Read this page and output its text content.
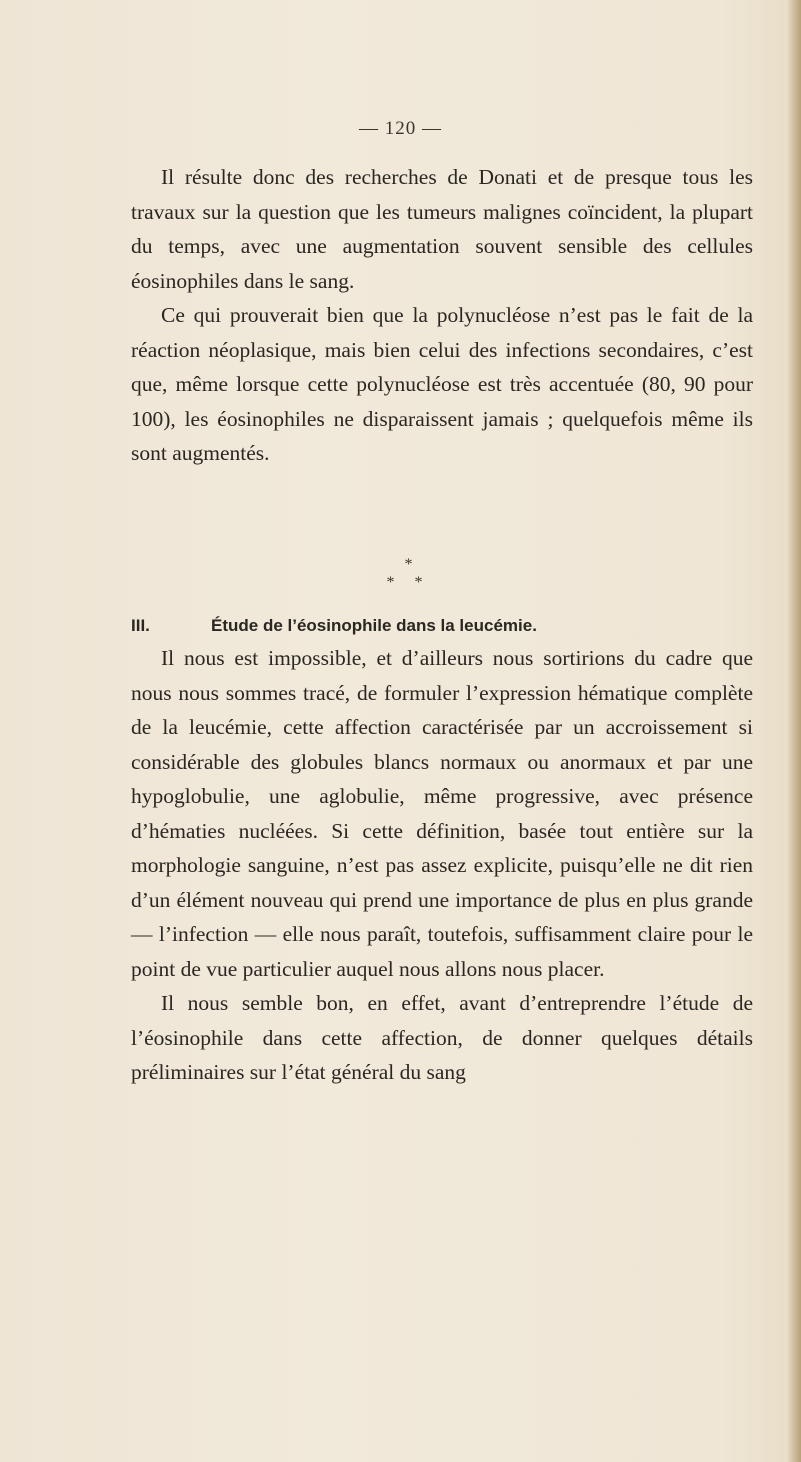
— 120 —

Il résulte donc des recherches de Donati et de presque tous les travaux sur la question que les tumeurs malignes coïncident, la plupart du temps, avec une augmentation souvent sensible des cellules éosinophiles dans le sang.

Ce qui prouverait bien que la polynucléose n’est pas le fait de la réaction néoplasique, mais bien celui des infections secondaires, c’est que, même lorsque cette polynucléose est très accentuée (80, 90 pour 100), les éosinophiles ne disparaissent jamais ; quelquefois même ils sont augmentés.

*
* *
III.	Étude de l’éosinophile dans la leucémie.

Il nous est impossible, et d’ailleurs nous sortirions du cadre que nous nous sommes tracé, de formuler l’expression hématique complète de la leucémie, cette affection caractérisée par un accroissement si considérable des globules blancs normaux ou anormaux et par une hypoglobulie, une aglobulie, même progressive, avec présence d’hématies nucléées. Si cette définition, basée tout entière sur la morphologie sanguine, n’est pas assez explicite, puisqu’elle ne dit rien d’un élément nouveau qui prend une importance de plus en plus grande — l’infection — elle nous paraît, toutefois, suffisamment claire pour le point de vue particulier auquel nous allons nous placer.

Il nous semble bon, en effet, avant d’entreprendre l’étude de l’éosinophile dans cette affection, de donner quelques détails préliminaires sur l’état général du sang
